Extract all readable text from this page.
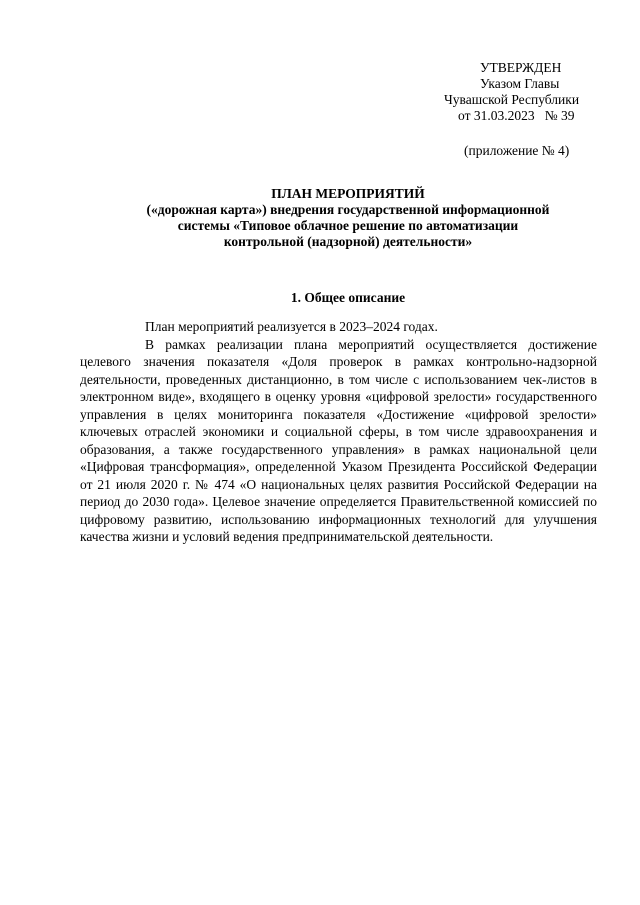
УТВЕРЖДЕН
Указом Главы
Чувашской Республики
от 31.03.2023   № 39
(приложение № 4)
ПЛАН МЕРОПРИЯТИЙ
(«дорожная карта») внедрения государственной информационной
системы «Типовое облачное решение по автоматизации
контрольной (надзорной) деятельности»
1. Общее описание

План мероприятий реализуется в 2023–2024 годах.

В рамках реализации плана мероприятий осуществляется достижение целевого значения показателя «Доля проверок в рамках контрольно-надзорной деятельности, проведенных дистанционно, в том числе с использованием чек-листов в электронном виде», входящего в оценку уровня «цифровой зрелости» государственного управления в целях мониторинга показателя «Достижение «цифровой зрелости» ключевых отраслей экономики и социальной сферы, в том числе здравоохранения и образования, а также государственного управления» в рамках национальной цели «Цифровая трансформация», определенной Указом Президента Российской Федерации от 21 июля 2020 г. № 474 «О национальных целях развития Российской Федерации на период до 2030 года». Целевое значение определяется Правительственной комиссией по цифровому развитию, использованию информационных технологий для улучшения качества жизни и условий ведения предпринимательской деятельности.
